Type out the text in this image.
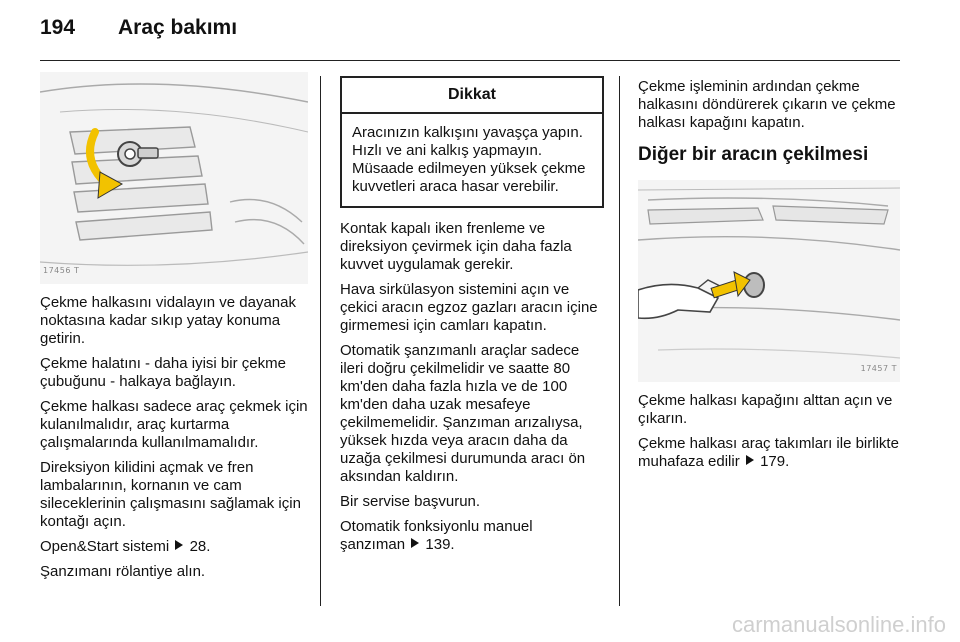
194 Araç bakımı
17456 T

Çekme halkasını vidalayın ve dayanak noktasına kadar sıkıp yatay konuma getirin.

Çekme halatını - daha iyisi bir çekme çubuğunu - halkaya bağlayın.

Çekme halkası sadece araç çekmek için kulanılmalıdır, araç kurtarma çalışmalarında kullanılmamalıdır.

Direksiyon kilidini açmak ve fren lambalarının, kornanın ve cam sileceklerinin çalışmasını sağlamak için kontağı açın.

Open&Start sistemi 28.

Şanzımanı rölantiye alın.

Dikkat
Aracınızın kalkışını yavaşça yapın. Hızlı ve ani kalkış yapmayın. Müsaade edilmeyen yüksek çekme kuvvetleri araca hasar verebilir.

Kontak kapalı iken frenleme ve direksiyon çevirmek için daha fazla kuvvet uygulamak gerekir.

Hava sirkülasyon sistemini açın ve çekici aracın egzoz gazları aracın içine girmemesi için camları kapatın.

Otomatik şanzımanlı araçlar sadece ileri doğru çekilmelidir ve saatte 80 km'den daha fazla hızla ve de 100 km'den daha uzak mesafeye çekilmemelidir. Şanzıman arızalıysa, yüksek hızda veya aracın daha da uzağa çekilmesi durumunda aracı ön aksından kaldırın.

Bir servise başvurun.

Otomatik fonksiyonlu manuel

şanzıman 139.

Çekme işleminin ardından çekme halkasını döndürerek çıkarın ve çekme halkası kapağını kapatın.

Diğer bir aracın çekilmesi
17457 T

Çekme halkası kapağını alttan açın ve çıkarın.

Çekme halkası araç takımları ile birlikte muhafaza edilir 179.

carmanualsonline.info
